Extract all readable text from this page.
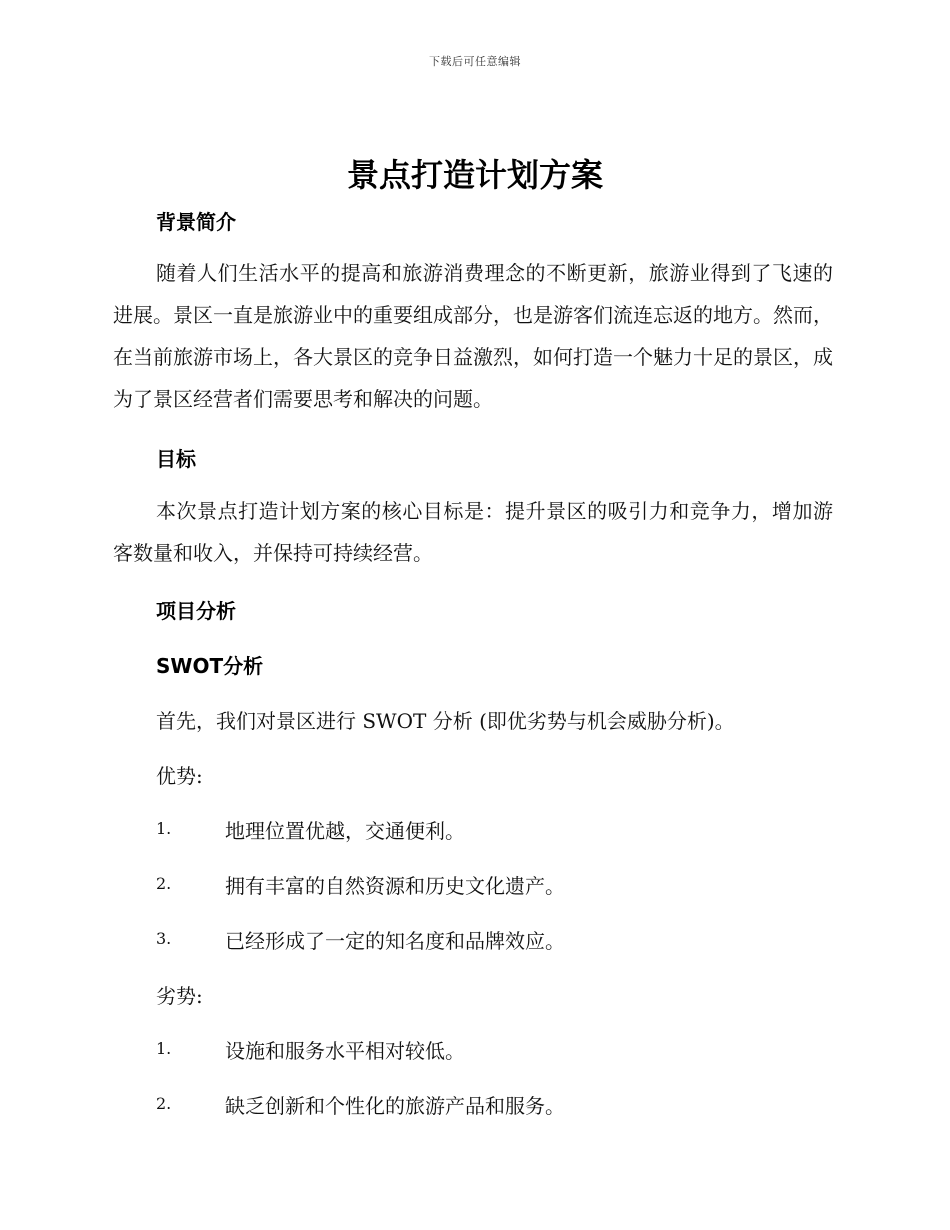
下载后可任意编辑
景点打造计划方案
背景简介

随着人们生活水平的提高和旅游消费理念的不断更新，旅游业得到了飞速的进展。景区一直是旅游业中的重要组成部分，也是游客们流连忘返的地方。然而，在当前旅游市场上，各大景区的竞争日益激烈，如何打造一个魅力十足的景区，成为了景区经营者们需要思考和解决的问题。

目标

本次景点打造计划方案的核心目标是：提升景区的吸引力和竞争力，增加游客数量和收入，并保持可持续经营。

项目分析
SWOT分析

首先，我们对景区进行 SWOT 分析 (即优劣势与机会威胁分析)。

优势:

1.	地理位置优越，交通便利。
2.	拥有丰富的自然资源和历史文化遗产。
3.	已经形成了一定的知名度和品牌效应。

劣势:

1.	设施和服务水平相对较低。
2.	缺乏创新和个性化的旅游产品和服务。
